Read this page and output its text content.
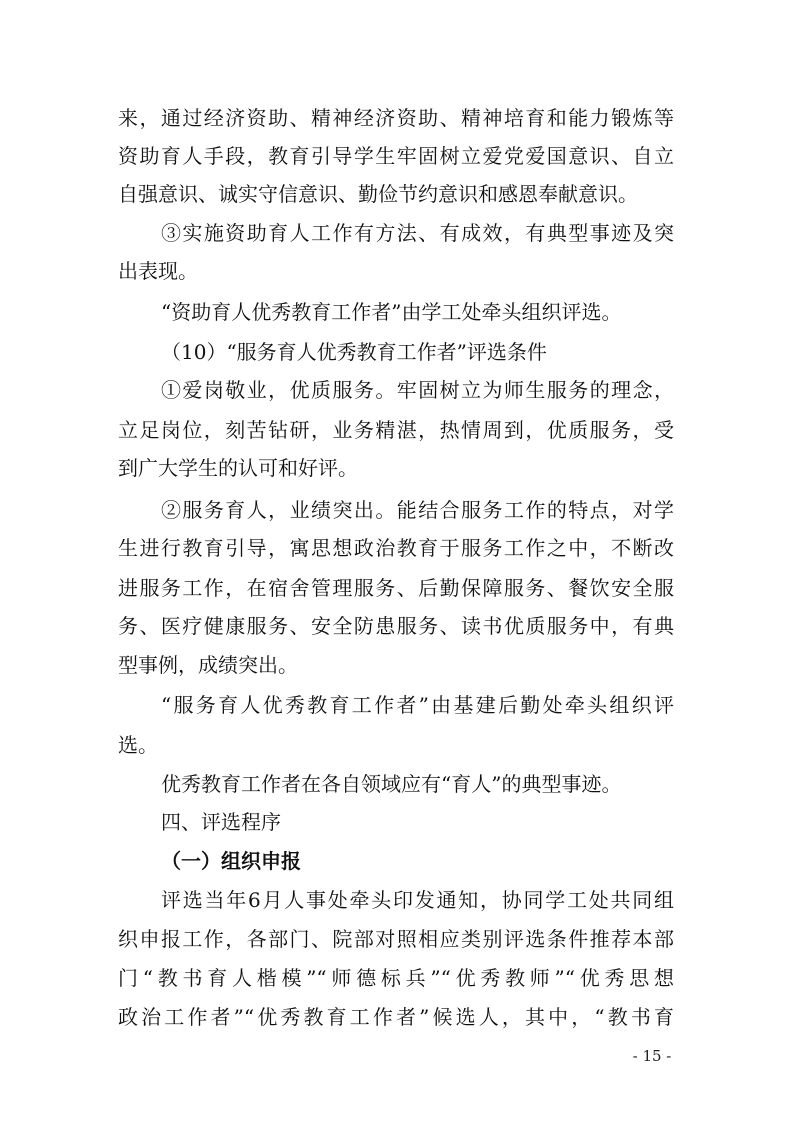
来，通过经济资助、精神经济资助、精神培育和能力锻炼等
资助育人手段，教育引导学生牢固树立爱党爱国意识、自立
自强意识、诚实守信意识、勤俭节约意识和感恩奉献意识。
③实施资助育人工作有方法、有成效，有典型事迹及突
出表现。
“资助育人优秀教育工作者”由学工处牵头组织评选。
（10）“服务育人优秀教育工作者”评选条件
①爱岗敬业，优质服务。牢固树立为师生服务的理念，
立足岗位，刻苦钻研，业务精湛，热情周到，优质服务，受
到广大学生的认可和好评。
②服务育人，业绩突出。能结合服务工作的特点，对学
生进行教育引导，寓思想政治教育于服务工作之中，不断改
进服务工作，在宿舍管理服务、后勤保障服务、餐饮安全服
务、医疗健康服务、安全防患服务、读书优质服务中，有典
型事例，成绩突出。
“服务育人优秀教育工作者”由基建后勤处牵头组织评
选。
优秀教育工作者在各自领域应有“育人”的典型事迹。
四、评选程序
（一）组织申报
评选当年6月人事处牵头印发通知，协同学工处共同组
织申报工作，各部门、院部对照相应类别评选条件推荐本部
门“教书育人楷模”“师德标兵”“优秀教师”“优秀思想
政治工作者”“优秀教育工作者”候选人，其中，“教书育
- 15 -
